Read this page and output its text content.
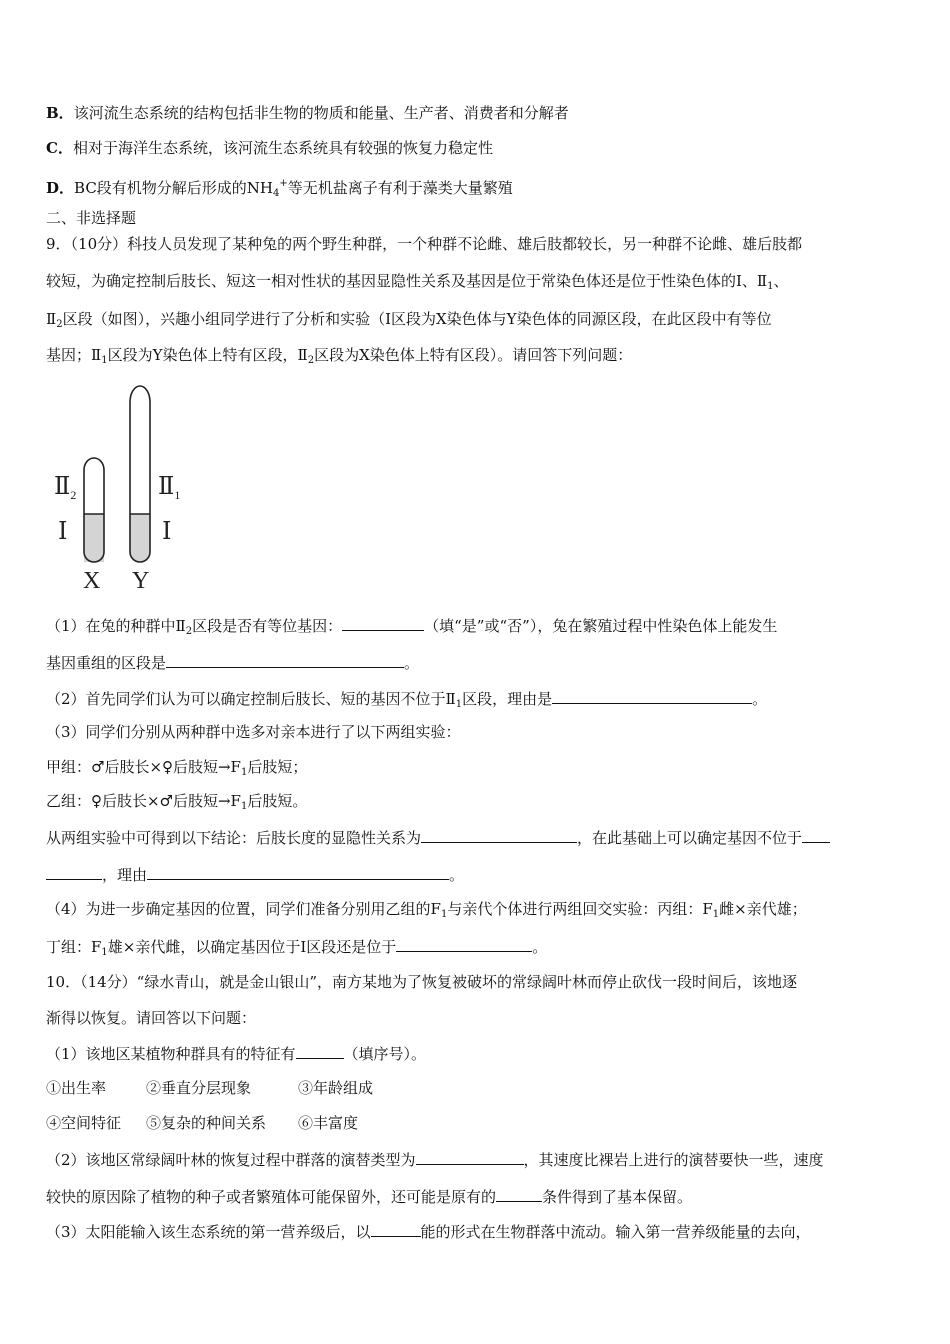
B．该河流生态系统的结构包括非生物的物质和能量、生产者、消费者和分解者
C．相对于海洋生态系统，该河流生态系统具有较强的恢复力稳定性
D．BC段有机物分解后形成的$NH_4^+$等无机盐离子有利于藻类大量繁殖
二、非选择题
9．（10分）科技人员发现了某种兔的两个野生种群，一个种群不论雌、雄后肢都较长，另一种群不论雌、雄后肢都
较短，为确定控制后肢长、短这一相对性状的基因显隐性关系及基因是位于常染色体还是位于性染色体的Ⅰ、$Ⅱ_1$、
$Ⅱ_2$区段（如图），兴趣小组同学进行了分析和实验（Ⅰ区段为X染色体与Y染色体的同源区段，在此区段中有等位
基因；$Ⅱ_1$区段为Y染色体上特有区段，$Ⅱ_2$区段为X染色体上特有区段）。请回答下列问题：
$Ⅱ_2$
Ⅰ
$Ⅱ_1$
Ⅰ
X Y
（1）在兔的种群中$Ⅱ_2$区段是否有等位基因：	（填“是”或“否”），兔在繁殖过程中性染色体上能发生
基因重组的区段是	。
（2）首先同学们认为可以确定控制后肢长、短的基因不位于$Ⅱ_1$区段，理由是	。
（3）同学们分别从两种群中选多对亲本进行了以下两组实验：
甲组：♂后肢长×♀后肢短$\to F_1$后肢短；
乙组：♀后肢长×♂后肢短$\to F_1$后肢短。
从两组实验中可得到以下结论：后肢长度的显隐性关系为	，在此基础上可以确定基因不位于
，理由	。
（4）为进一步确定基因的位置，同学们准备分别用乙组的$F_1$与亲代个体进行两组回交实验：丙组：$F_1$雌×亲代雄；
丁组：$F_1$雄×亲代雌，以确定基因位于Ⅰ区段还是位于	。
10．（14分）“绿水青山，就是金山银山”，南方某地为了恢复被破坏的常绿阔叶林而停止砍伐一段时间后，该地逐
渐得以恢复。请回答以下问题：
（1）该地区某植物种群具有的特征有	（填序号）。
①出生率	②垂直分层现象	③年龄组成
④空间特征 ⑤复杂的种间关系 ⑥丰富度
（2）该地区常绿阔叶林的恢复过程中群落的演替类型为	，其速度比裸岩上进行的演替要快一些，速度
较快的原因除了植物的种子或者繁殖体可能保留外，还可能是原有的	条件得到了基本保留。
（3）太阳能输入该生态系统的第一营养级后，以	能的形式在生物群落中流动。输入第一营养级能量的去向，
